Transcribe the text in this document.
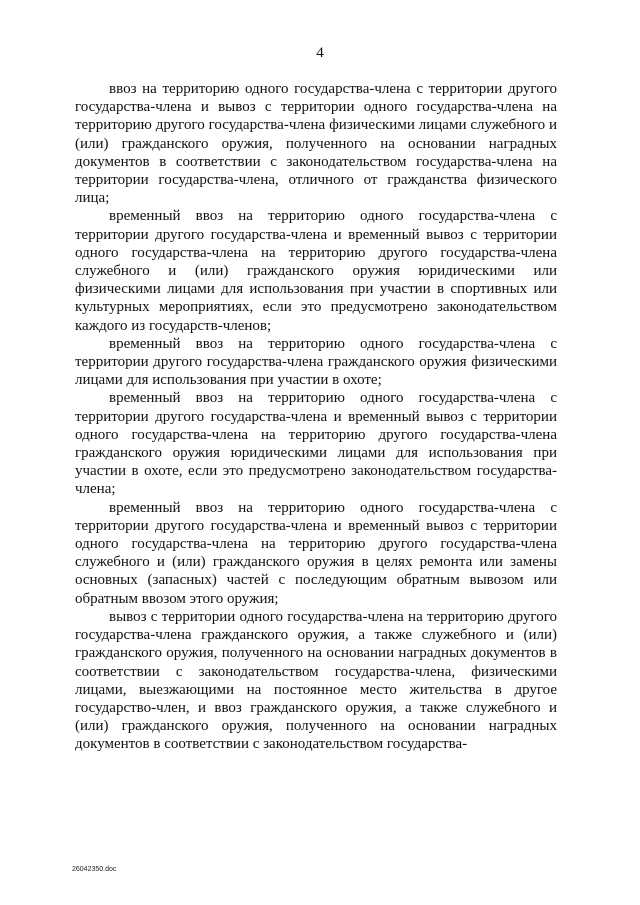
4

ввоз на территорию одного государства-члена с территории другого государства-члена и вывоз с территории одного государства-члена на территорию другого государства-члена физическими лицами служебного и (или) гражданского оружия, полученного на основании наградных документов в соответствии с законодательством государства-члена на территории государства-члена, отличного от гражданства физического лица;

временный ввоз на территорию одного государства-члена с территории другого государства-члена и временный вывоз с территории одного государства-члена на территорию другого государства-члена служебного и (или) гражданского оружия юридическими или физическими лицами для использования при участии в спортивных или культурных мероприятиях, если это предусмотрено законодательством каждого из государств-членов;

временный ввоз на территорию одного государства-члена с территории другого государства-члена гражданского оружия физическими лицами для использования при участии в охоте;

временный ввоз на территорию одного государства-члена с территории другого государства-члена и временный вывоз с территории одного государства-члена на территорию другого государства-члена гражданского оружия юридическими лицами для использования при участии в охоте, если это предусмотрено законодательством государства-члена;

временный ввоз на территорию одного государства-члена с территории другого государства-члена и временный вывоз с территории одного государства-члена на территорию другого государства-члена служебного и (или) гражданского оружия в целях ремонта или замены основных (запасных) частей с последующим обратным вывозом или обратным ввозом этого оружия;

вывоз с территории одного государства-члена на территорию другого государства-члена гражданского оружия, а также служебного и (или) гражданского оружия, полученного на основании наградных документов в соответствии с законодательством государства-члена, физическими лицами, выезжающими на постоянное место жительства в другое государство-член, и ввоз гражданского оружия, а также служебного и (или) гражданского оружия, полученного на основании наградных документов в соответствии с законодательством государства-

26042350.doc
